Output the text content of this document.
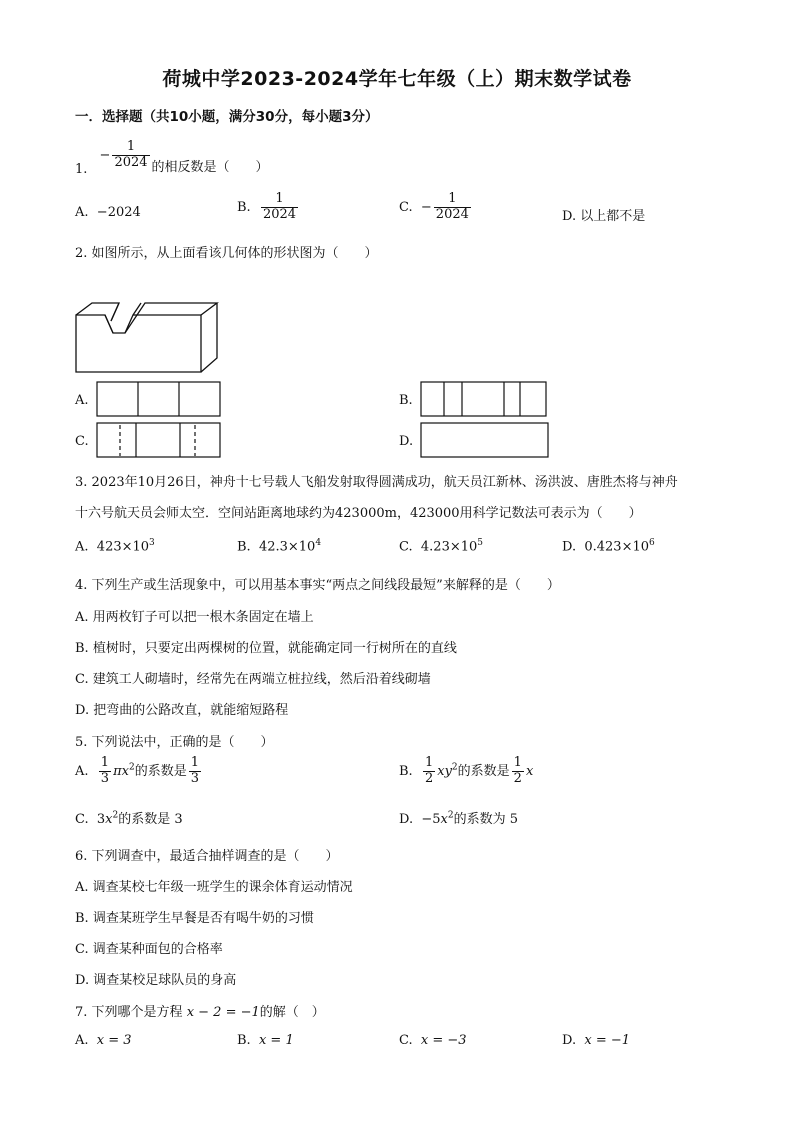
荷城中学2023-2024学年七年级（上）期末数学试卷
一．选择题（共10小题，满分30分，每小题3分）
1. − $\frac{1}{2024}$ 的相反数是（　　）
A. −2024	B. $\frac{1}{2024}$	C.  − $\frac{1}{2024}$	D. 以上都不是
2. 如图所示，从上面看该几何体的形状图为（　　）
A.	B.
C.	D.
3. 2023年10月26日，神舟十七号载人飞船发射取得圆满成功，航天员江新林、汤洪波、唐胜杰将与神舟
十六号航天员会师太空．空间站距离地球约为423000m，423000用科学记数法可表示为（　　）
A. $423\times 10^3$	B. $42.3\times 10^4$	C. $4.23\times 10^5$	D. $0.423\times 10^6$
4. 下列生产或生活现象中，可以用基本事实“两点之间线段最短”来解释的是（　　）
A. 用两枚钉子可以把一根木条固定在墙上
B. 植树时，只要定出两棵树的位置，就能确定同一行树所在的直线
C. 建筑工人砌墙时，经常先在两端立桩拉线，然后沿着线砌墙
D. 把弯曲的公路改直，就能缩短路程
5. 下列说法中，正确的是（　　）
A. $\frac{1}{3} \pi x^2$的系数是 $\frac{1}{3}$	B. $\frac{1}{2} xy^2$的系数是 $\frac{1}{2}$ x
C. $3x^2$的系数是 3	D. $-5x^2$的系数为 5
6. 下列调查中，最适合抽样调查的是（　　）
A. 调查某校七年级一班学生的课余体育运动情况
B. 调查某班学生早餐是否有喝牛奶的习惯
C. 调查某种面包的合格率
D. 调查某校足球队员的身高
7. 下列哪个是方程 x − 2 = −1的解（　）
A. x = 3	B. x = 1	C. x = −3	D. x = −1
